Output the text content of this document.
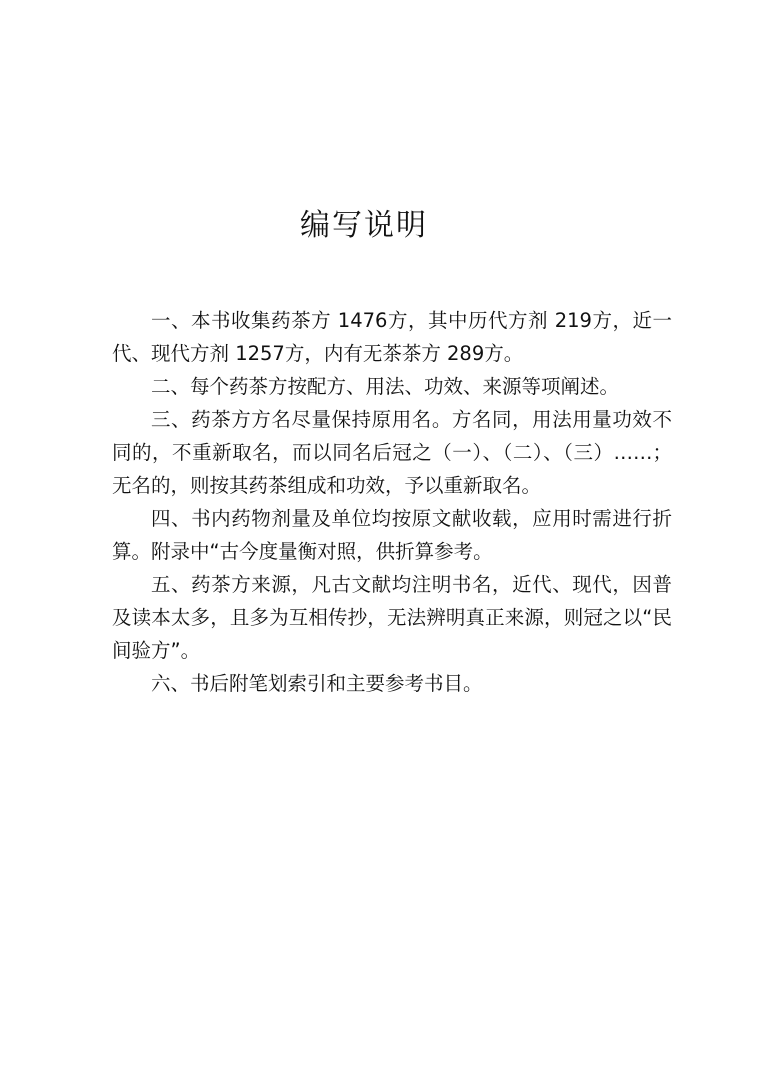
编写说明

一、本书收集药茶方 1476方，其中历代方剂 219方，近一代、现代方剂 1257方，内有无茶茶方 289方。

二、每个药茶方按配方、用法、功效、来源等项阐述。

三、药茶方方名尽量保持原用名。方名同，用法用量功效不同的，不重新取名，而以同名后冠之（一）、（二）、（三）……；无名的，则按其药茶组成和功效，予以重新取名。

四、书内药物剂量及单位均按原文献收载，应用时需进行折算。附录中“古今度量衡对照，供折算参考。

五、药茶方来源，凡古文献均注明书名，近代、现代，因普及读本太多，且多为互相传抄，无法辨明真正来源，则冠之以“民间验方”。

六、书后附笔划索引和主要参考书目。
